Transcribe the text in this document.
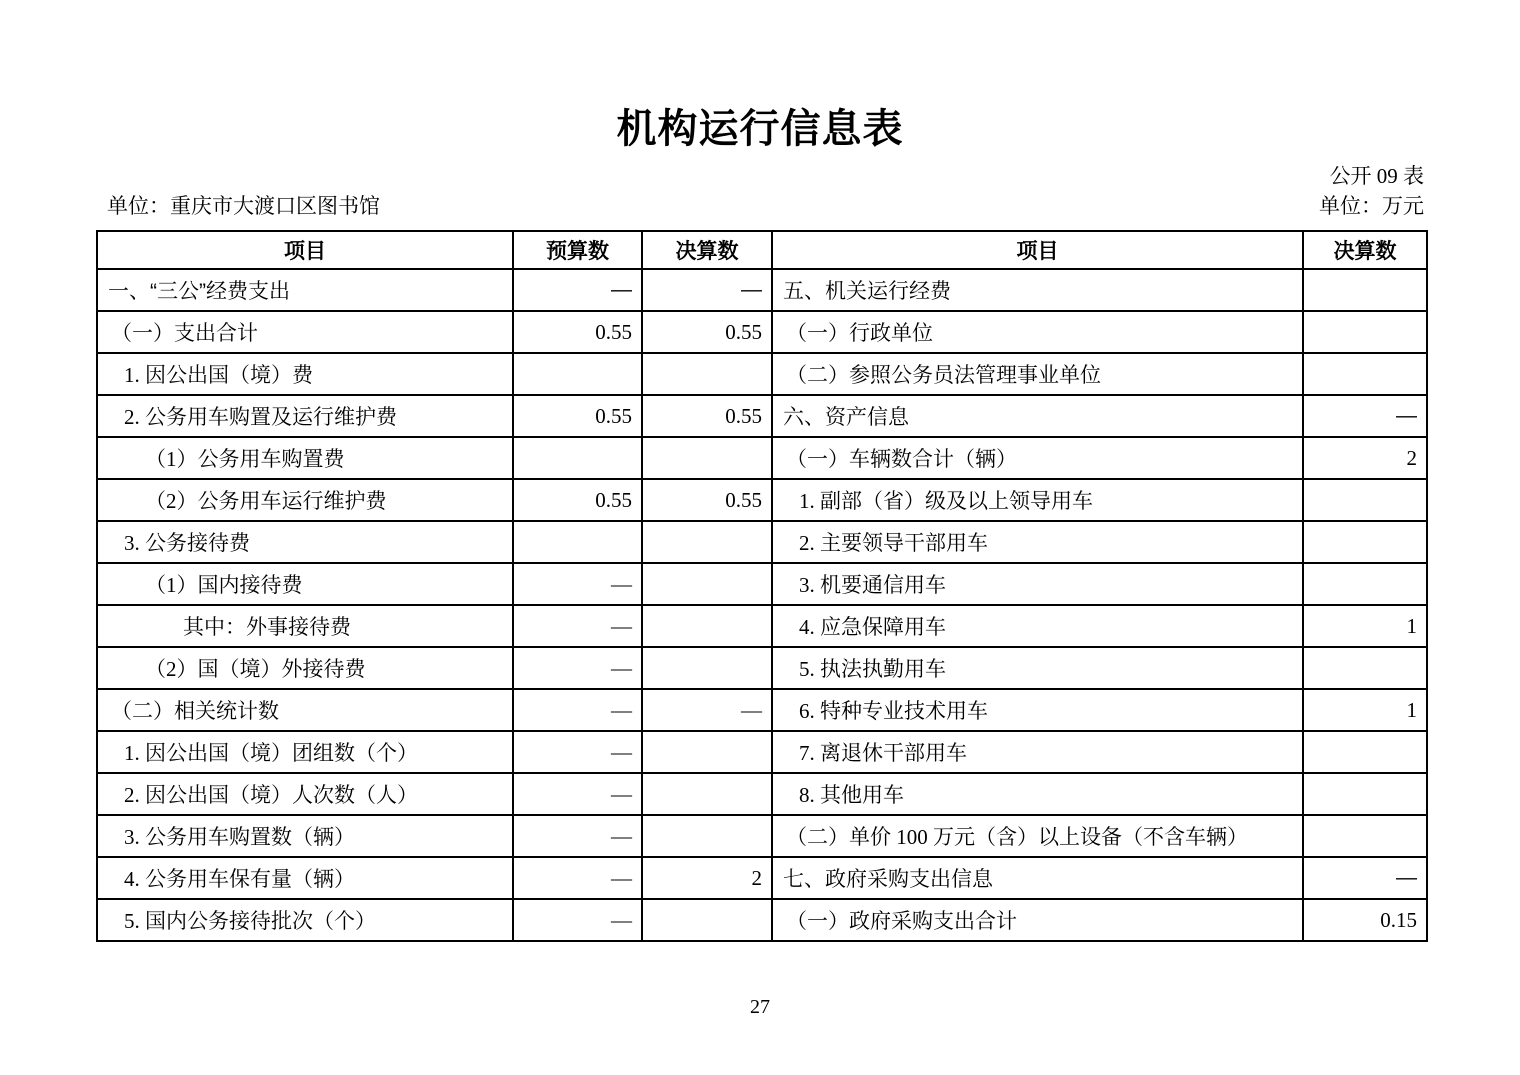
机构运行信息表
公开 09 表
单位：重庆市大渡口区图书馆	单位：万元
项目	预算数	决算数	项目	决算数
一、“三公”经费支出	—	—	五、机关运行经费	
（一）支出合计	0.55	0.55	（一）行政单位	
1. 因公出国（境）费			（二）参照公务员法管理事业单位	
2. 公务用车购置及运行维护费	0.55	0.55	六、资产信息	—
（1）公务用车购置费			（一）车辆数合计（辆）	2
（2）公务用车运行维护费	0.55	0.55	1. 副部（省）级及以上领导用车	
3. 公务接待费			2. 主要领导干部用车	
（1）国内接待费	—		3. 机要通信用车	
其中：外事接待费	—		4. 应急保障用车	1
（2）国（境）外接待费	—		5. 执法执勤用车	
（二）相关统计数	—	—	6. 特种专业技术用车	1
1. 因公出国（境）团组数（个）	—		7. 离退休干部用车	
2. 因公出国（境）人次数（人）	—		8. 其他用车	
3. 公务用车购置数（辆）	—		（二）单价 100 万元（含）以上设备（不含车辆）	
4. 公务用车保有量（辆）	—	2	七、政府采购支出信息	—
5. 国内公务接待批次（个）	—		（一）政府采购支出合计	0.15
27
